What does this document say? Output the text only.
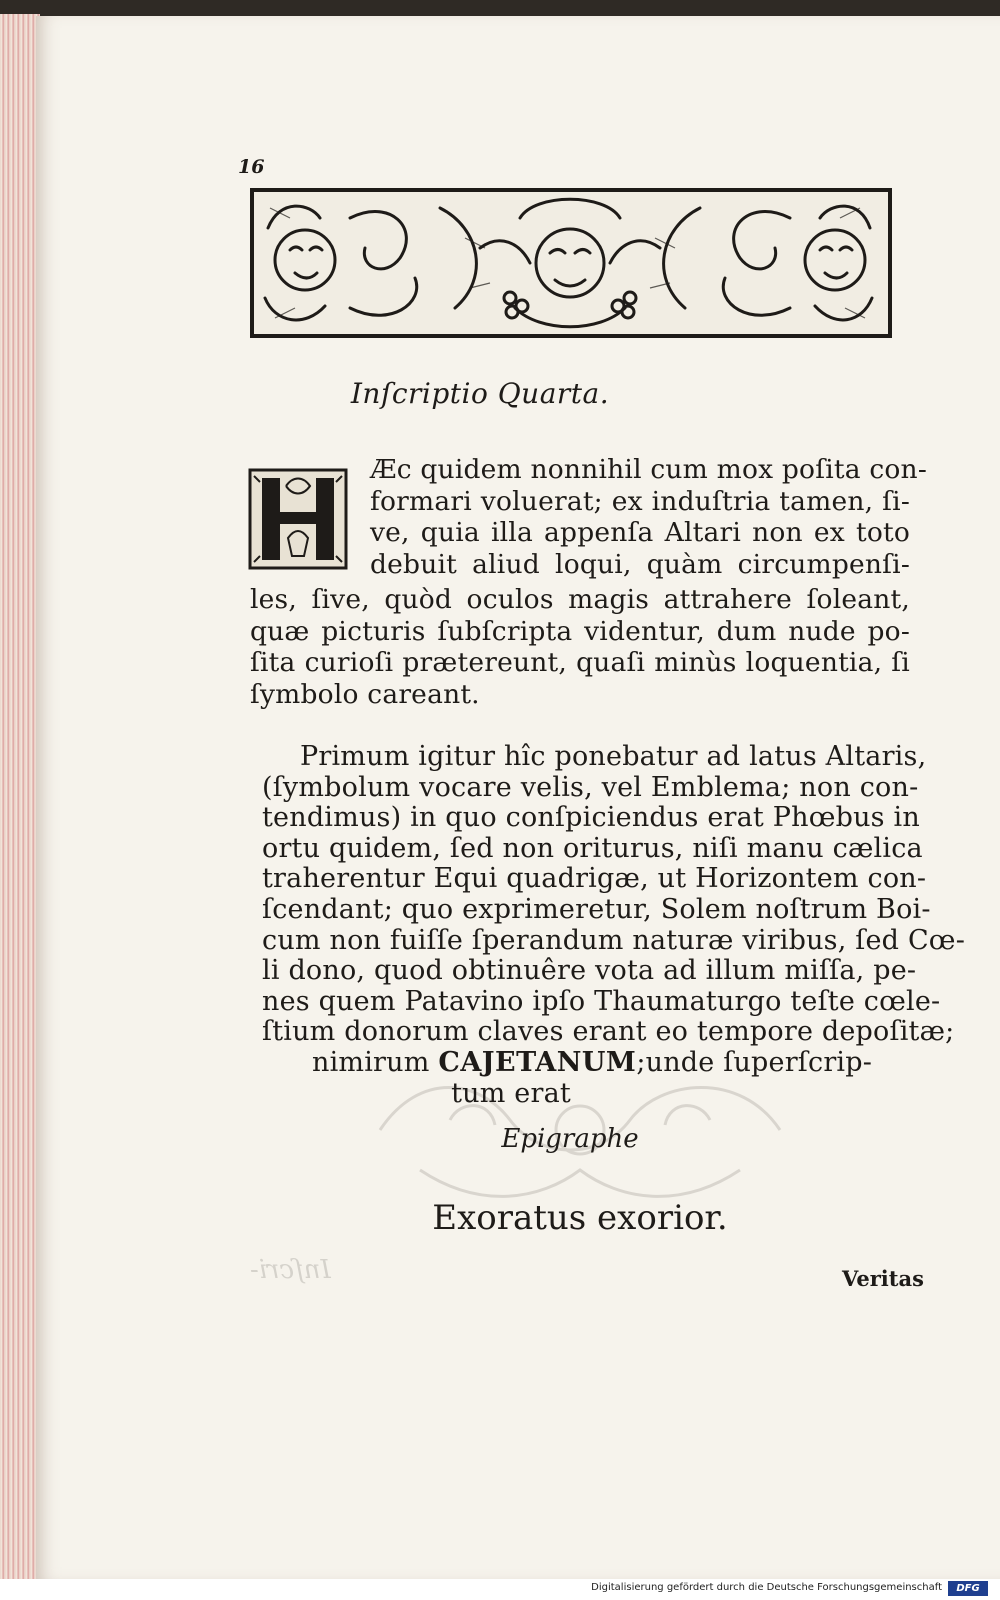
Inſcri-
16
Inſcriptio Quarta.
Æc quidem nonnihil cum mox poſita con-
formari voluerat; ex induſtria tamen, ſi-
ve, quia illa appenſa Altari non ex toto
debuit aliud loqui, quàm circumpenſi-
les, ſive, quòd oculos magis attrahere ſoleant,
quæ picturis ſubſcripta videntur, dum nude po-
ſita curioſi prætereunt, quaſi minùs loquentia, ſi
ſymbolo careant.
Primum igitur hîc ponebatur ad latus Altaris,
(ſymbolum vocare velis, vel Emblema; non con-
tendimus) in quo conſpiciendus erat Phœbus in
ortu quidem, ſed non oriturus, niſi manu cælica
traherentur Equi quadrigæ, ut Horizontem con-
ſcendant; quo exprimeretur, Solem noſtrum Boi-
cum non fuiſſe ſperandum naturæ viribus, ſed Cœ-
li dono, quod obtinuêre vota ad illum miſſa, pe-
nes quem Patavino ipſo Thaumaturgo teſte cœle-
ſtium donorum claves erant eo tempore depoſitæ;
nimirum CAJETANUM;unde ſuperſcrip-
tum erat
Epigraphe
Exoratus exorior.
Veritas
Digitalisierung gefördert durch die Deutsche Forschungsgemeinschaft	DFG
